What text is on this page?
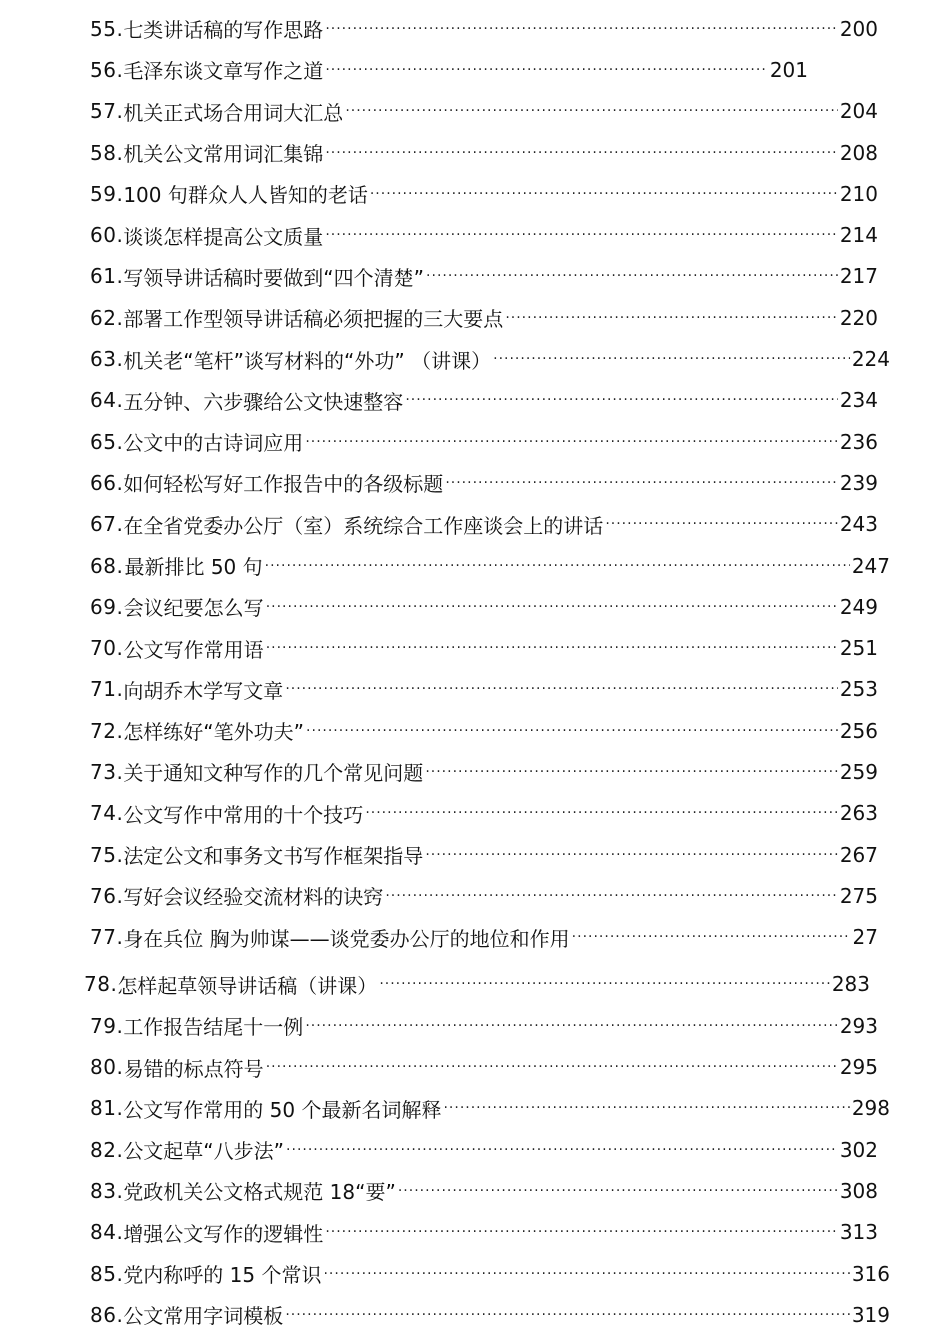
55. 七类讲话稿的写作思路 ·····	200
56. 毛泽东谈文章写作之道 ·····	201
57. 机关正式场合用词大汇总 ·····	204
58. 机关公文常用词汇集锦 ·····	208
59. 100 句群众人人皆知的老话 ·····	210
60. 谈谈怎样提高公文质量 ·····	214
61. 写领导讲话稿时要做到“四个清楚” ·····	217
62. 部署工作型领导讲话稿必须把握的三大要点 ·····	220
63. 机关老“笔杆”谈写材料的“外功” （讲课） ·····	224
64. 五分钟、六步骤给公文快速整容 ·····	234
65. 公文中的古诗词应用 ·····	236
66. 如何轻松写好工作报告中的各级标题 ·····	239
67. 在全省党委办公厅（室）系统综合工作座谈会上的讲话 ·····	243
68. 最新排比 50 句 ·····	247
69. 会议纪要怎么写 ·····	249
70. 公文写作常用语 ·····	251
71. 向胡乔木学写文章 ·····	253
72. 怎样练好“笔外功夫” ·····	256
73. 关于通知文种写作的几个常见问题 ·····	259
74. 公文写作中常用的十个技巧 ·····	263
75. 法定公文和事务文书写作框架指导 ·····	267
76. 写好会议经验交流材料的诀窍 ·····	275
77. 身在兵位 胸为帅谋——谈党委办公厅的地位和作用 ·····	27
78. 怎样起草领导讲话稿（讲课） ·····	283
79. 工作报告结尾十一例 ·····	293
80. 易错的标点符号 ·····	295
81. 公文写作常用的 50 个最新名词解释 ·····	298
82. 公文起草“八步法” ·····	302
83. 党政机关公文格式规范 18“要” ·····	308
84. 增强公文写作的逻辑性 ·····	313
85. 党内称呼的 15 个常识 ·····	316
86. 公文常用字词模板 ·····	319
